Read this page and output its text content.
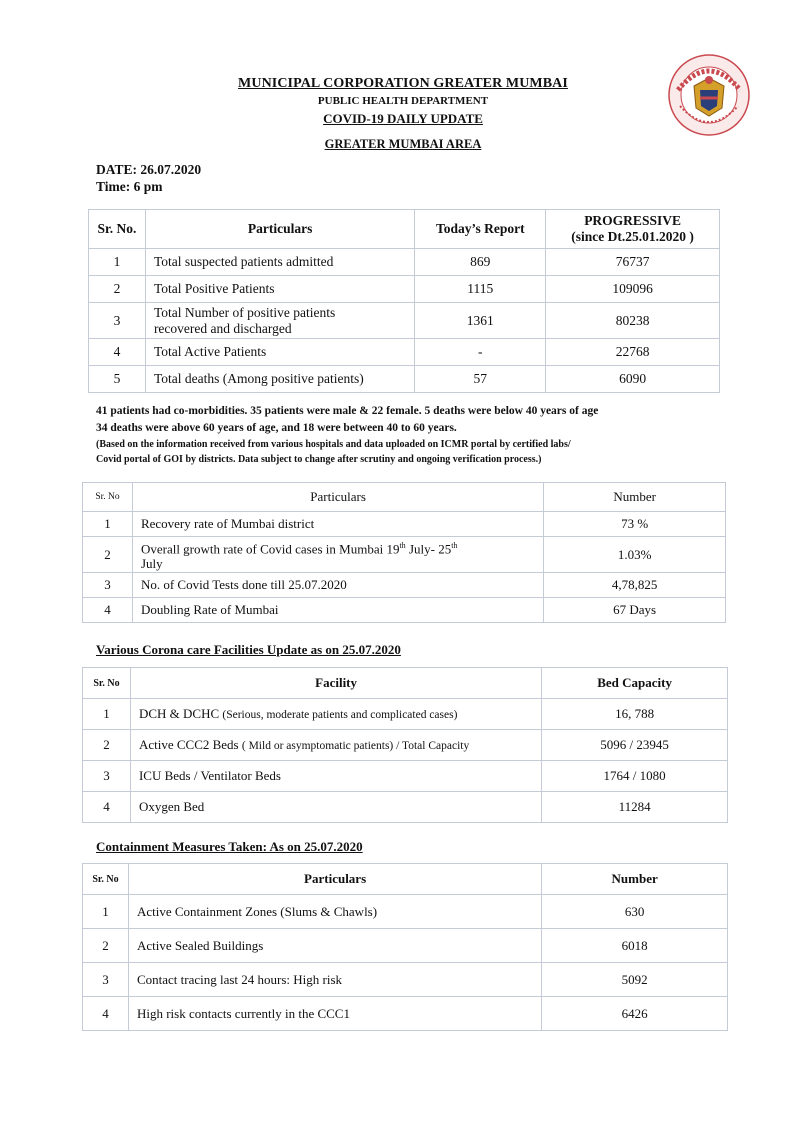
MUNICIPAL CORPORATION GREATER MUMBAI
PUBLIC HEALTH DEPARTMENT
COVID-19 DAILY UPDATE
GREATER MUMBAI AREA
DATE: 26.07.2020
Time: 6 pm
Sr. No.	Particulars	Today’s Report	PROGRESSIVE
(since Dt.25.01.2020 )

1	Total suspected patients admitted	869	76737
2	Total Positive Patients	1115	109096
3	Total Number of positive patients
recovered and discharged	1361	80238
4	Total Active Patients	-	22768
5	Total deaths (Among positive patients)	57	6090
41 patients had co-morbidities. 35 patients were male & 22 female. 5 deaths were below 40 years of age
34 deaths were above 60 years of age, and 18 were between 40 to 60 years.
(Based on the information received from various hospitals and data uploaded on ICMR portal by certified labs/
Covid portal of GOI by districts. Data subject to change after scrutiny and ongoing verification process.)
Sr. No	Particulars	Number
1	Recovery rate of Mumbai district	73 %
2	Overall growth rate of Covid cases in Mumbai 19th July- 25th
July	1.03%
3	No. of Covid Tests done till 25.07.2020	4,78,825
4	Doubling Rate of Mumbai	67 Days
Various Corona care Facilities Update as on 25.07.2020
Sr. No	Facility	Bed Capacity
1	DCH & DCHC (Serious, moderate patients and complicated cases)	16, 788
2	Active CCC2 Beds ( Mild or asymptomatic patients) / Total Capacity	5096 / 23945
3	ICU Beds / Ventilator Beds	1764 / 1080
4	Oxygen Bed	11284
Containment Measures Taken: As on 25.07.2020
Sr. No	Particulars	Number
1	Active Containment Zones (Slums & Chawls)	630
2	Active Sealed Buildings	6018
3	Contact tracing last 24 hours: High risk	5092
4	High risk contacts currently in the CCC1	6426
